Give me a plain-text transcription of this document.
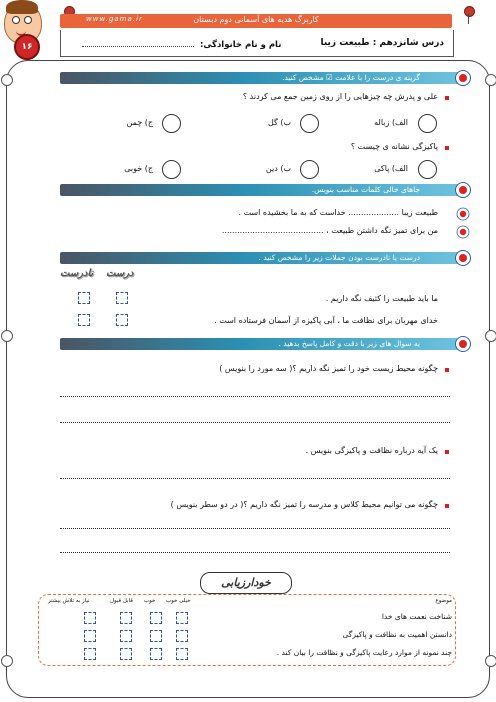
۱۶
کاربرگ هدیه های آسمانی دوم دبستان
www.gama.ir
درس شانزدهم : طبیعت زیبا
نام و نام خانوادگی:
گزینه ی درست را با علامت ☑ مشخص کنید.
علی و پدرش چه چیزهایی را از روی زمین جمع می کردند ؟
الف) زباله
ب) گل
ج) چمن
پاکیزگی نشانه ی چیست ؟
الف) پاکی
ب) دین
ج) خوبی
جاهای خالی کلمات مناسب بنویس.
طبیعت زیبا .................... خداست که به ما بخشیده است .
من برای تمیز نگه داشتن طبیعت ، ........................................
درست یا نادرست بودن جملات زیر را مشخص کنید .
درست
نادرست
ما باید طبیعت را کثیف نگه داریم .
خدای مهربان برای نظافت ما ، آبی پاکیزه از آسمان فرستاده است .
به سوال های زیر با دقت و کامل پاسخ بدهید .
چگونه محیط زیست خود را تمیز نگه داریم ؟( سه مورد را بنویس )
یک آیه درباره نظافت و پاکیزگی بنویس .
چگونه می توانیم محیط کلاس و مدرسه را تمیز نگه داریم ؟( در دو سطر بنویس )
خودارزیابی
موضوع
خیلی خوب
خوب
قابل قبول
نیاز به تلاش بیشتر
شناخت نعمت های خدا
دانستن اهمیت به نظافت و پاکیزگی
چند نمونه از موارد رعایت پاکیزگی و نظافت را بیان کند .
